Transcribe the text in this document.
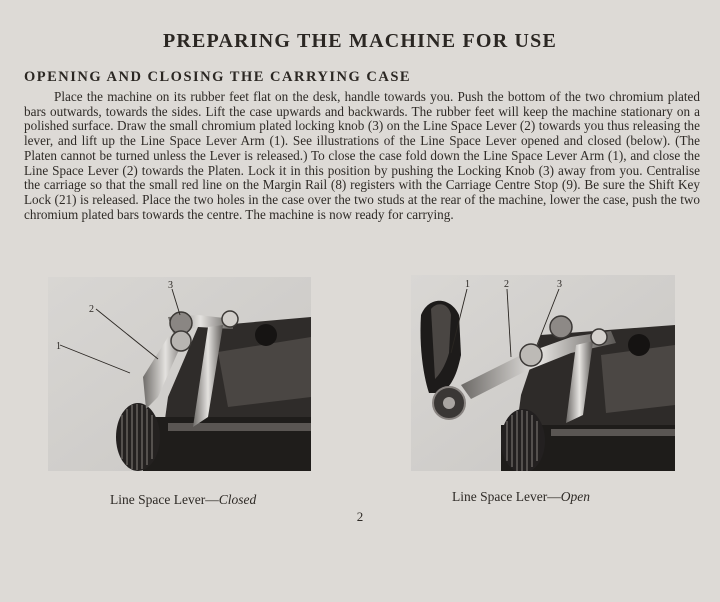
PREPARING THE MACHINE FOR USE
OPENING AND CLOSING THE CARRYING CASE
Place the machine on its rubber feet flat on the desk, handle towards you. Push the bottom of the two chromium plated bars outwards, towards the sides. Lift the case upwards and backwards. The rubber feet will keep the machine stationary on a polished surface. Draw the small chromium plated locking knob (3) on the Line Space Lever (2) towards you thus releasing the lever, and lift up the Line Space Lever Arm (1). See illustrations of the Line Space Lever opened and closed (below). (The Platen cannot be turned unless the Lever is released.) To close the case fold down the Line Space Lever Arm (1), and close the Line Space Lever (2) towards the Platen. Lock it in this position by pushing the Locking Knob (3) away from you. Centralise the carriage so that the small red line on the Margin Rail (8) registers with the Carriage Centre Stop (9). Be sure the Shift Key Lock (21) is released. Place the two holes in the case over the two studs at the rear of the machine, lower the case, push the two chromium plated bars towards the centre. The machine is now ready for carrying.
1
2
3	1	2	3
Line Space Lever—Closed	Line Space Lever—Open
2
